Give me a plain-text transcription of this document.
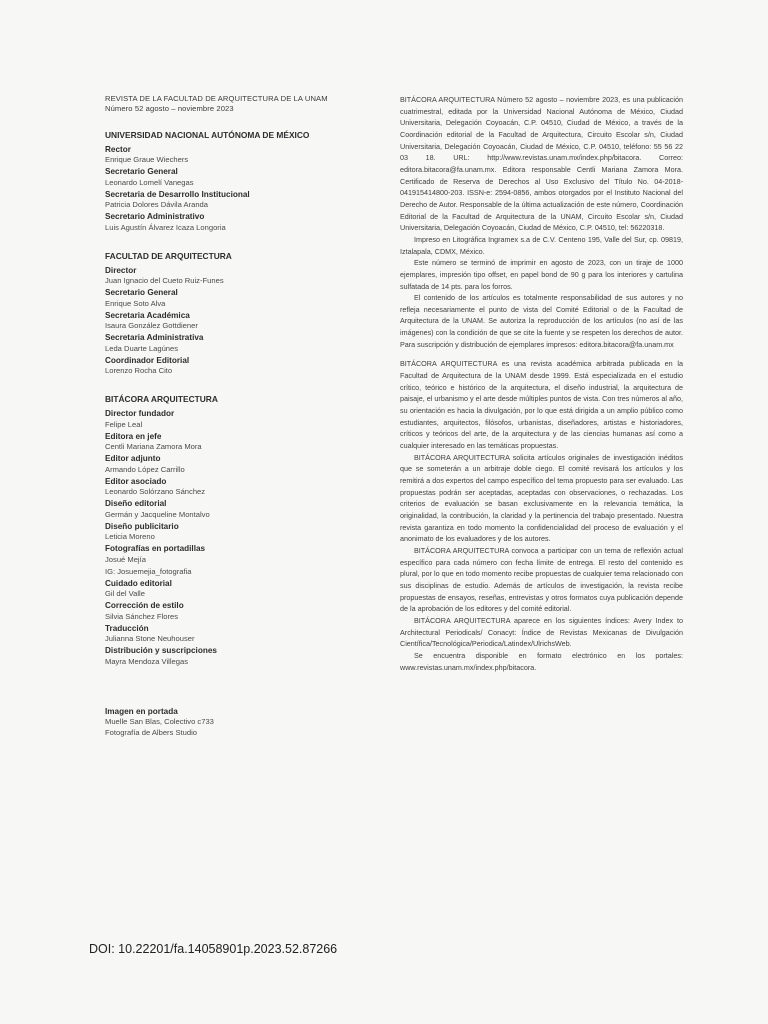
REVISTA DE LA FACULTAD DE ARQUITECTURA DE LA UNAM
Número 52 agosto – noviembre 2023
UNIVERSIDAD NACIONAL AUTÓNOMA DE MÉXICO
Rector
Enrique Graue Wiechers
Secretario General
Leonardo Lomelí Vanegas
Secretaria de Desarrollo Institucional
Patricia Dolores Dávila Aranda
Secretario Administrativo
Luis Agustín Álvarez Icaza Longoria
FACULTAD DE ARQUITECTURA
Director
Juan Ignacio del Cueto Ruiz-Funes
Secretario General
Enrique Soto Alva
Secretaria Académica
Isaura González Gottdiener
Secretaria Administrativa
Leda Duarte Lagúnes
Coordinador Editorial
Lorenzo Rocha Cito
BITÁCORA ARQUITECTURA
Director fundador
Felipe Leal
Editora en jefe
Centli Mariana Zamora Mora
Editor adjunto
Armando López Carrillo
Editor asociado
Leonardo Solórzano Sánchez
Diseño editorial
Germán y Jacqueline Montalvo
Diseño publicitario
Leticia Moreno
Fotografías en portadillas
Josué Mejía
IG: Josuemejia_fotografia
Cuidado editorial
Gil del Valle
Corrección de estilo
Silvia Sánchez Flores
Traducción
Julianna Stone Neuhouser
Distribución y suscripciones
Mayra Mendoza Villegas
Imagen en portada
Muelle San Blas, Colectivo c733
Fotografía de Albers Studio

BITÁCORA ARQUITECTURA Número 52 agosto – noviembre 2023, es una publicación cuatrimestral, editada por la Universidad Nacional Autónoma de México, Ciudad Universitaria, Delegación Coyoacán, C.P. 04510, Ciudad de México, a través de la Coordinación editorial de la Facultad de Arquitectura, Circuito Escolar s/n, Ciudad Universitaria, Delegación Coyoacán, Ciudad de México, C.P. 04510, teléfono: 55 56 22 03 18. URL: http://www.revistas.unam.mx/index.php/bitacora. Correo: editora.bitacora@fa.unam.mx. Editora responsable Centli Mariana Zamora Mora. Certificado de Reserva de Derechos al Uso Exclusivo del Título No. 04-2018-041915414800-203. ISSN-e: 2594-0856, ambos otorgados por el Instituto Nacional del Derecho de Autor. Responsable de la última actualización de este número, Coordinación Editorial de la Facultad de Arquitectura de la UNAM, Circuito Escolar s/n, Ciudad Universitaria, Delegación Coyoacán, Ciudad de México, C.P. 04510, tel: 56220318.

Impreso en Litográfica Ingramex s.a de C.V. Centeno 195, Valle del Sur, cp. 09819, Iztalapala, CDMX, México.

Este número se terminó de imprimir en agosto de 2023, con un tiraje de 1000 ejemplares, impresión tipo offset, en papel bond de 90 g para los interiores y cartulina sulfatada de 14 pts. para los forros.

El contenido de los artículos es totalmente responsabilidad de sus autores y no refleja necesariamente el punto de vista del Comité Editorial o de la Facultad de Arquitectura de la UNAM. Se autoriza la reproducción de los artículos (no así de las imágenes) con la condición de que se cite la fuente y se respeten los derechos de autor. Para suscripción y distribución de ejemplares impresos: editora.bitacora@fa.unam.mx

BITÁCORA ARQUITECTURA es una revista académica arbitrada publicada en la Facultad de Arquitectura de la UNAM desde 1999. Está especializada en el estudio crítico, teórico e histórico de la arquitectura, el diseño industrial, la arquitectura de paisaje, el urbanismo y el arte desde múltiples puntos de vista. Con tres números al año, su orientación es hacia la divulgación, por lo que está dirigida a un amplio público como estudiantes, arquitectos, filósofos, urbanistas, diseñadores, artistas e historiadores, críticos y teóricos del arte, de la arquitectura y de las ciencias humanas así como a cualquier interesado en las temáticas propuestas.

BITÁCORA ARQUITECTURA solicita artículos originales de investigación inéditos que se someterán a un arbitraje doble ciego. El comité revisará los artículos y los remitirá a dos expertos del campo específico del tema propuesto para ser evaluado. Las propuestas podrán ser aceptadas, aceptadas con observaciones, o rechazadas. Los criterios de evaluación se basan exclusivamente en la relevancia temática, la originalidad, la contribución, la claridad y la pertinencia del trabajo presentado. Nuestra revista garantiza en todo momento la confidencialidad del proceso de evaluación y el anonimato de los evaluadores y de los autores.

BITÁCORA ARQUITECTURA convoca a participar con un tema de reflexión actual específico para cada número con fecha límite de entrega. El resto del contenido es plural, por lo que en todo momento recibe propuestas de cualquier tema relacionado con sus disciplinas de estudio. Además de artículos de investigación, la revista recibe propuestas de ensayos, reseñas, entrevistas y otros formatos cuya publicación depende de la aprobación de los editores y del comité editorial.

BITÁCORA ARQUITECTURA aparece en los siguientes índices: Avery Index to Architectural Periodicals/ Conacyt: Índice de Revistas Mexicanas de Divulgación Científica/Tecnológica/Periodica/Latindex/UlrichsWeb.

Se encuentra disponible en formato electrónico en los portales: www.revistas.unam.mx/index.php/bitacora.

DOI: 10.22201/fa.14058901p.2023.52.87266
